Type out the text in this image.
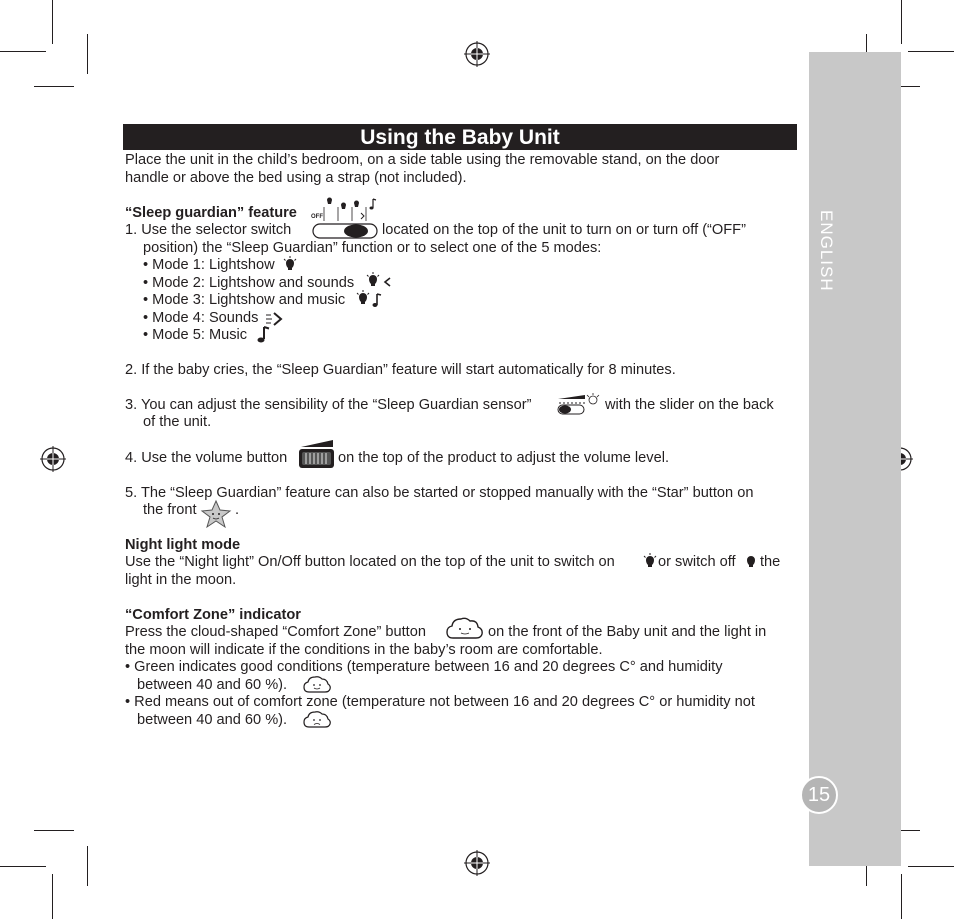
ENGLISH
15
Using the Baby Unit
Place the unit in the child’s bedroom, on a side table using the removable stand, on the door
handle or above the bed using a strap (not included).
“Sleep guardian” feature OFF
1. Use the selector switch	located on the top of the unit to turn on or turn off (“OFF”
position) the “Sleep Guardian” function or to select one of the 5 modes:
• Mode 1: Lightshow
• Mode 2: Lightshow and sounds
• Mode 3: Lightshow and music
• Mode 4: Sounds
• Mode 5: Music
2. If the baby cries, the “Sleep Guardian” feature will start automatically for 8 minutes.
3. You can adjust the sensibility of the “Sleep Guardian sensor”	with the slider on the back
of the unit.
4. Use the volume button	on the top of the product to adjust the volume level.
5. The “Sleep Guardian” feature can also be started or stopped manually with the “Star” button on
the front	.
Night light mode
Use the “Night light” On/Off button located on the top of the unit to switch on	or switch off the
light in the moon.
“Comfort Zone” indicator
Press the cloud-shaped “Comfort Zone” button	on the front of the Baby unit and the light in
the moon will indicate if the conditions in the baby’s room are comfortable.
• Green indicates good conditions (temperature between 16 and 20 degrees C° and humidity
between 40 and 60 %).
• Red means out of comfort zone (temperature not between 16 and 20 degrees C° or humidity not
between 40 and 60 %).
